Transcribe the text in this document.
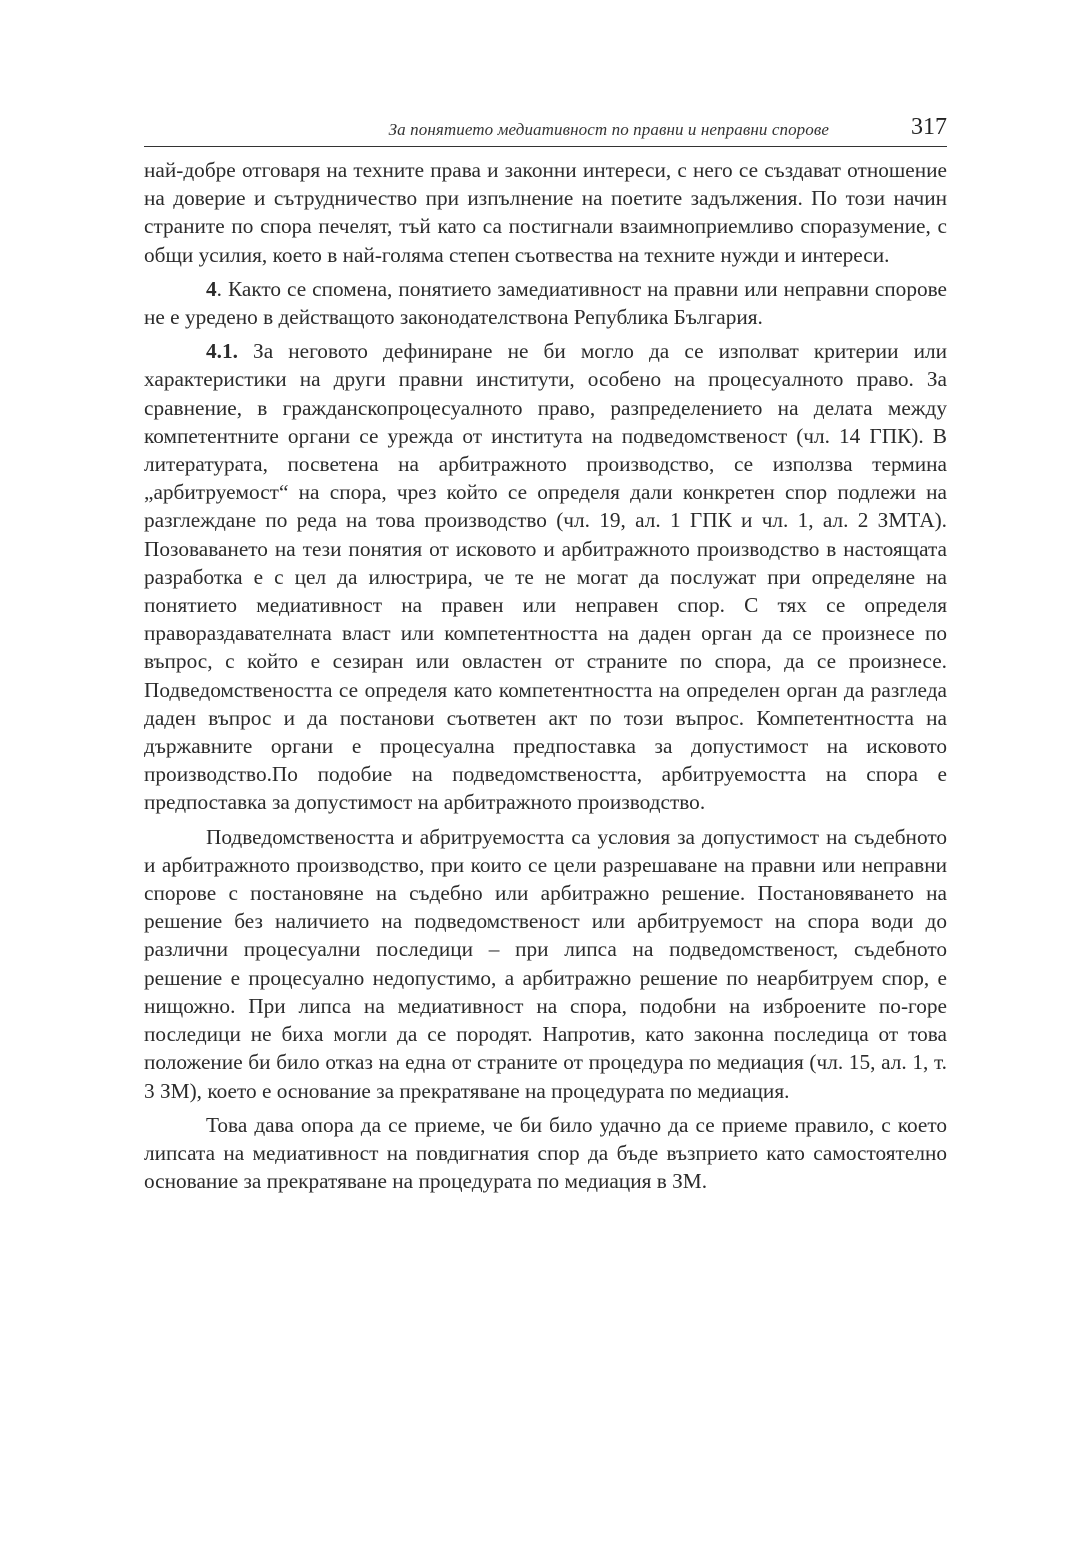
За понятието медиативност по правни и неправни спорове	317

най-добре отговаря на техните права и законни интереси, с него се създават отношение на доверие и сътрудничество при изпълнение на поетите задължения. По този начин страните по спора печелят, тъй като са постигнали взаимноприемливо споразумение, с общи усилия, което в най-голяма степен съотвества на техните нужди и интереси.

4. Както се спомена, понятието замедиативност на правни или неправни спорове не е уредено в действащото законодателствона Република България.

4.1. За неговото дефиниране не би могло да се изполват критерии или характеристики на други правни институти, особено на процесуалното право. За сравнение, в гражданскопроцесуалното право, разпределението на делата между компетентните органи се урежда от института на подведомственост (чл. 14 ГПК). В литературата, посветена на арбитражното производство, се използва термина „арбитруемост“ на спора, чрез който се определя дали конкретен спор подлежи на разглеждане по реда на това производство (чл. 19, ал. 1 ГПК и чл. 1, ал. 2 ЗМТА). Позоваването на тези понятия от исковото и арбитражното производство в настоящата разработка е с цел да илюстрира, че те не могат да послужат при определяне на понятието медиативност на правен или неправен спор. С тях се определя правораздавателната власт или компетентността на даден орган да се произнесе по въпрос, с който е сезиран или овластен от страните по спора, да се произнесе. Подведомствеността се определя като компетентността на определен орган да разгледа даден въпрос и да постанови съответен акт по този въпрос. Компетентността на държавните органи е процесуална предпоставка за допустимост на исковото производство.По подобие на подведомствеността, арбитруемостта на спора е предпоставка за допустимост на арбитражното производство.

Подведомствеността и абритруемостта са условия за допустимост на съдебното и арбитражното производство, при които се цели разрешаване на правни или неправни спорове с постановяне на съдебно или арбитражно решение. Постановяването на решение без наличието на подведомственост или арбитруемост на спора води до различни процесуални последици – при липса на подведомственост, съдебното решение е процесуално недопустимо, а арбитражно решение по неарбитруем спор, е нищожно. При липса на медиативност на спора, подобни на изброените по-горе последици не биха могли да се породят. Напротив, като законна последица от това положение би било отказ на една от страните от процедура по медиация (чл. 15, ал. 1, т. 3 ЗМ), което е основание за прекратяване на процедурата по медиация.

Това дава опора да се приеме, че би било удачно да се приеме правило, с което липсата на медиативност на повдигнатия спор да бъде възприето като самостоятелно основание за прекратяване на процедурата по медиация в ЗМ.
